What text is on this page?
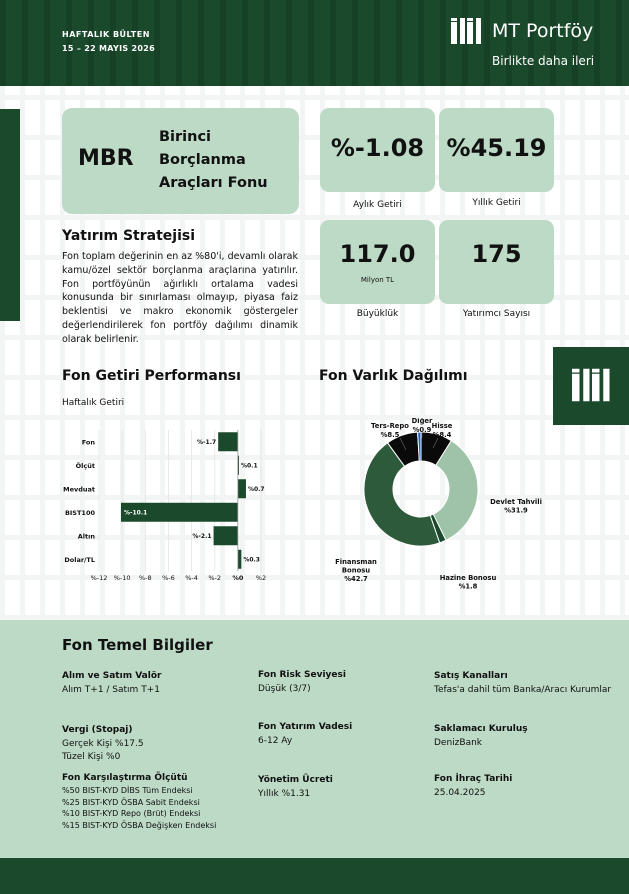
HAFTALIK BÜLTEN
15 – 22 MAYIS 2026
MT Portföy
Birlikte daha ileri
MBR
Birinci Borçlanma Araçları Fonu
%-1.08
Aylık Getiri
%45.19
Yıllık Getiri
117.0
Milyon TL
Büyüklük
175
Yatırımcı Sayısı
Yatırım Stratejisi
Fon toplam değerinin en az %80'i, devamlı olarak kamu/özel sektör borçlanma araçlarına yatırılır. Fon portföyünün ağırlıklı ortalama vadesi konusunda bir sınırlaması olmayıp, piyasa faiz beklentisi ve makro ekonomik göstergeler değerlendirilerek fon portföy dağılımı dinamik olarak belirlenir.
Fon Getiri Performansı
Haftalık Getiri
%-12 %-10 %-8 %-6 %-4 %-2 %0 %2
Fon	%-1.7
Ölçüt	%0.1
Mevduat	%0.7
BIST100	%-10.1
Altın	%-2.1
Dolar/TL	%0.3
Fon Varlık Dağılımı
Hisse
%8.4
Devlet Tahvili
%31.9
Hazine Bonosu
%1.8
Finansman
Bonosu
%42.7
Ters-Repo
%8.5
Diğer
%0.9
Fon Temel Bilgiler
Alım ve Satım Valör
Alım T+1 / Satım T+1
Fon Risk Seviyesi
Düşük (3/7)
Satış Kanalları
Tefas'a dahil tüm Banka/Aracı Kurumlar
Vergi (Stopaj)
Gerçek Kişi %17.5
Tüzel Kişi %0
Fon Yatırım Vadesi
6-12 Ay
Saklamacı Kuruluş
DenizBank
Fon Karşılaştırma Ölçütü
%50 BIST-KYD DİBS Tüm Endeksi
%25 BIST-KYD ÖSBA Sabit Endeksi
%10 BIST-KYD Repo (Brüt) Endeksi
%15 BIST-KYD ÖSBA Değişken Endeksi
Yönetim Ücreti
Yıllık %1.31
Fon İhraç Tarihi
25.04.2025
